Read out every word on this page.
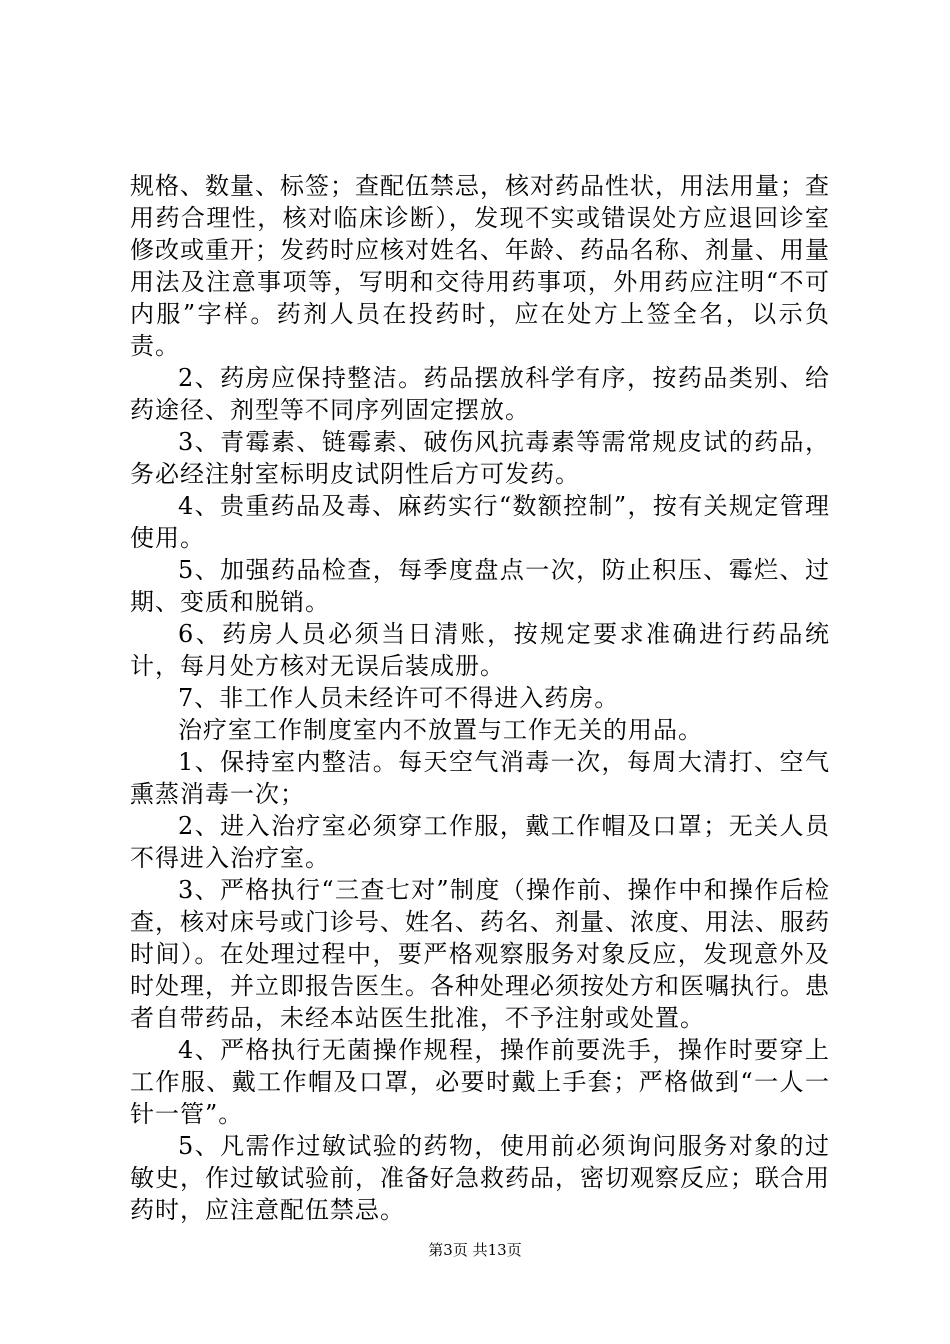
规格、数量、标签；查配伍禁忌，核对药品性状，用法用量；查用药合理性，核对临床诊断），发现不实或错误处方应退回诊室修改或重开；发药时应核对姓名、年龄、药品名称、剂量、用量用法及注意事项等，写明和交待用药事项，外用药应注明“不可内服”字样。药剂人员在投药时，应在处方上签全名，以示负责。

2、药房应保持整洁。药品摆放科学有序，按药品类别、给药途径、剂型等不同序列固定摆放。

3、青霉素、链霉素、破伤风抗毒素等需常规皮试的药品，务必经注射室标明皮试阴性后方可发药。

4、贵重药品及毒、麻药实行“数额控制”，按有关规定管理使用。

5、加强药品检查，每季度盘点一次，防止积压、霉烂、过期、变质和脱销。

6、药房人员必须当日清账，按规定要求准确进行药品统计，每月处方核对无误后装成册。

7、非工作人员未经许可不得进入药房。

治疗室工作制度室内不放置与工作无关的用品。

1、保持室内整洁。每天空气消毒一次，每周大清打、空气熏蒸消毒一次；

2、进入治疗室必须穿工作服，戴工作帽及口罩；无关人员不得进入治疗室。

3、严格执行“三查七对”制度（操作前、操作中和操作后检查，核对床号或门诊号、姓名、药名、剂量、浓度、用法、服药时间）。在处理过程中，要严格观察服务对象反应，发现意外及时处理，并立即报告医生。各种处理必须按处方和医嘱执行。患者自带药品，未经本站医生批准，不予注射或处置。

4、严格执行无菌操作规程，操作前要洗手，操作时要穿上工作服、戴工作帽及口罩，必要时戴上手套；严格做到“一人一针一管”。

5、凡需作过敏试验的药物，使用前必须询问服务对象的过敏史，作过敏试验前，准备好急救药品，密切观察反应；联合用药时，应注意配伍禁忌。

第3页 共13页
